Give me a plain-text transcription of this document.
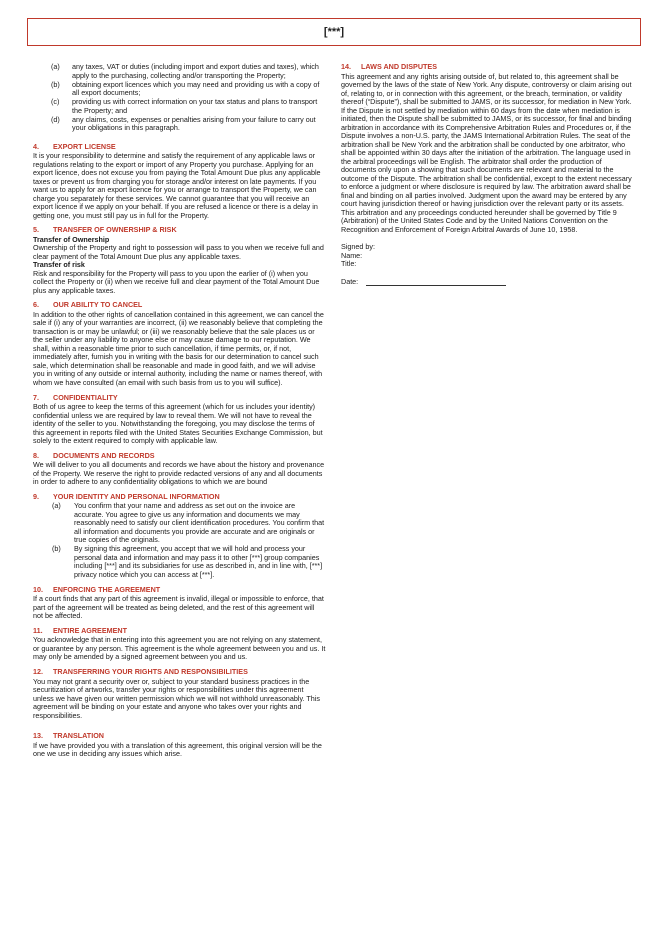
[***]
(a)	any taxes, VAT or duties (including import and export duties and taxes), which apply to the purchasing, collecting and/or transporting the Property;
(b)	obtaining export licences which you may need and providing us with a copy of all export documents;
(c)	providing us with correct information on your tax status and plans to transport the Property; and
(d)	any claims, costs, expenses or penalties arising from your failure to carry out your obligations in this paragraph.
4. EXPORT LICENSE

It is your responsibility to determine and satisfy the requirement of any applicable laws or regulations relating to the export or import of any Property you purchase. Applying for an export licence, does not excuse you from paying the Total Amount Due plus any applicable taxes or prevent us from charging you for storage and/or interest on late payments. If you want us to apply for an export licence for you or arrange to transport the Property, we can charge you separately for these services. We cannot guarantee that you will receive an export licence if we apply on your behalf. If you are refused a licence or there is a delay in getting one, you must still pay us in full for the Property.

5. TRANSFER OF OWNERSHIP & RISK
Transfer of Ownership

Ownership of the Property and right to possession will pass to you when we receive full and clear payment of the Total Amount Due plus any applicable taxes.

Transfer of risk

Risk and responsibility for the Property will pass to you upon the earlier of (i) when you collect the Property or (ii) when we receive full and clear payment of the Total Amount Due plus any applicable taxes.

6. OUR ABILITY TO CANCEL

In addition to the other rights of cancellation contained in this agreement, we can cancel the sale if (i) any of your warranties are incorrect, (ii) we reasonably believe that completing the transaction is or may be unlawful; or (iii) we reasonably believe that the sale places us or the seller under any liability to anyone else or may cause damage to our reputation. We shall, within a reasonable time prior to such cancellation, if time permits, or, if not, immediately after, furnish you in writing with the basis for our determination to cancel such sale, which determination shall be reasonable and made in good faith, and we will advise you in writing of any outside or internal authority, including the name or names thereof, with whom we have consulted (an email with such basis from us to you will suffice).

7. CONFIDENTIALITY

Both of us agree to keep the terms of this agreement (which for us includes your identity) confidential unless we are required by law to reveal them. We will not have to reveal the identity of the seller to you. Notwithstanding the foregoing, you may disclose the terms of this agreement in reports filed with the United States Securities Exchange Commission, but solely to the extent required to comply with applicable law.

8. DOCUMENTS AND RECORDS

We will deliver to you all documents and records we have about the history and provenance of the Property. We reserve the right to provide redacted versions of any and all documents in order to adhere to any confidentiality obligations to which we are bound

9. YOUR IDENTITY AND PERSONAL INFORMATION
(a)	You confirm that your name and address as set out on the invoice are accurate. You agree to give us any information and documents we may reasonably need to satisfy our client identification procedures. You confirm that all information and documents you provide are accurate and are originals or true copies of the originals.
(b)	By signing this agreement, you accept that we will hold and process your personal data and information and may pass it to other [***] group companies including [***] and its subsidiaries for use as described in, and in line with, [***] privacy notice which you can access at [***].
10. ENFORCING THE AGREEMENT

If a court finds that any part of this agreement is invalid, illegal or impossible to enforce, that part of the agreement will be treated as being deleted, and the rest of this agreement will not be affected.

11. ENTIRE AGREEMENT

You acknowledge that in entering into this agreement you are not relying on any statement, or guarantee by any person. This agreement is the whole agreement between you and us. It may only be amended by a signed agreement between you and us.

12. TRANSFERRING YOUR RIGHTS AND RESPONSIBILITIES

You may not grant a security over or, subject to your standard business practices in the securitization of artworks, transfer your rights or responsibilities under this agreement unless we have given our written permission which we will not withhold unreasonably. This agreement will be binding on your estate and anyone who takes over your rights and responsibilities.

13. TRANSLATION

If we have provided you with a translation of this agreement, this original version will be the one we use in deciding any issues which arise.

14. LAWS AND DISPUTES

This agreement and any rights arising outside of, but related to, this agreement shall be governed by the laws of the state of New York. Any dispute, controversy or claim arising out of, relating to, or in connection with this agreement, or the breach, termination, or validity thereof (“Dispute”), shall be submitted to JAMS, or its successor, for mediation in New York. If the Dispute is not settled by mediation within 60 days from the date when mediation is initiated, then the Dispute shall be submitted to JAMS, or its successor, for final and binding arbitration in accordance with its Comprehensive Arbitration Rules and Procedures or, if the Dispute involves a non-U.S. party, the JAMS International Arbitration Rules. The seat of the arbitration shall be New York and the arbitration shall be conducted by one arbitrator, who shall be appointed within 30 days after the initiation of the arbitration. The language used in the arbitral proceedings will be English. The arbitrator shall order the production of documents only upon a showing that such documents are relevant and material to the outcome of the Dispute. The arbitration shall be confidential, except to the extent necessary to enforce a judgment or where disclosure is required by law. The arbitration award shall be final and binding on all parties involved. Judgment upon the award may be entered by any court having jurisdiction thereof or having jurisdiction over the relevant party or its assets. This arbitration and any proceedings conducted hereunder shall be governed by Title 9 (Arbitration) of the United States Code and by the United Nations Convention on the Recognition and Enforcement of Foreign Arbitral Awards of June 10, 1958.

Signed by:
Name:
Title:
Date:
